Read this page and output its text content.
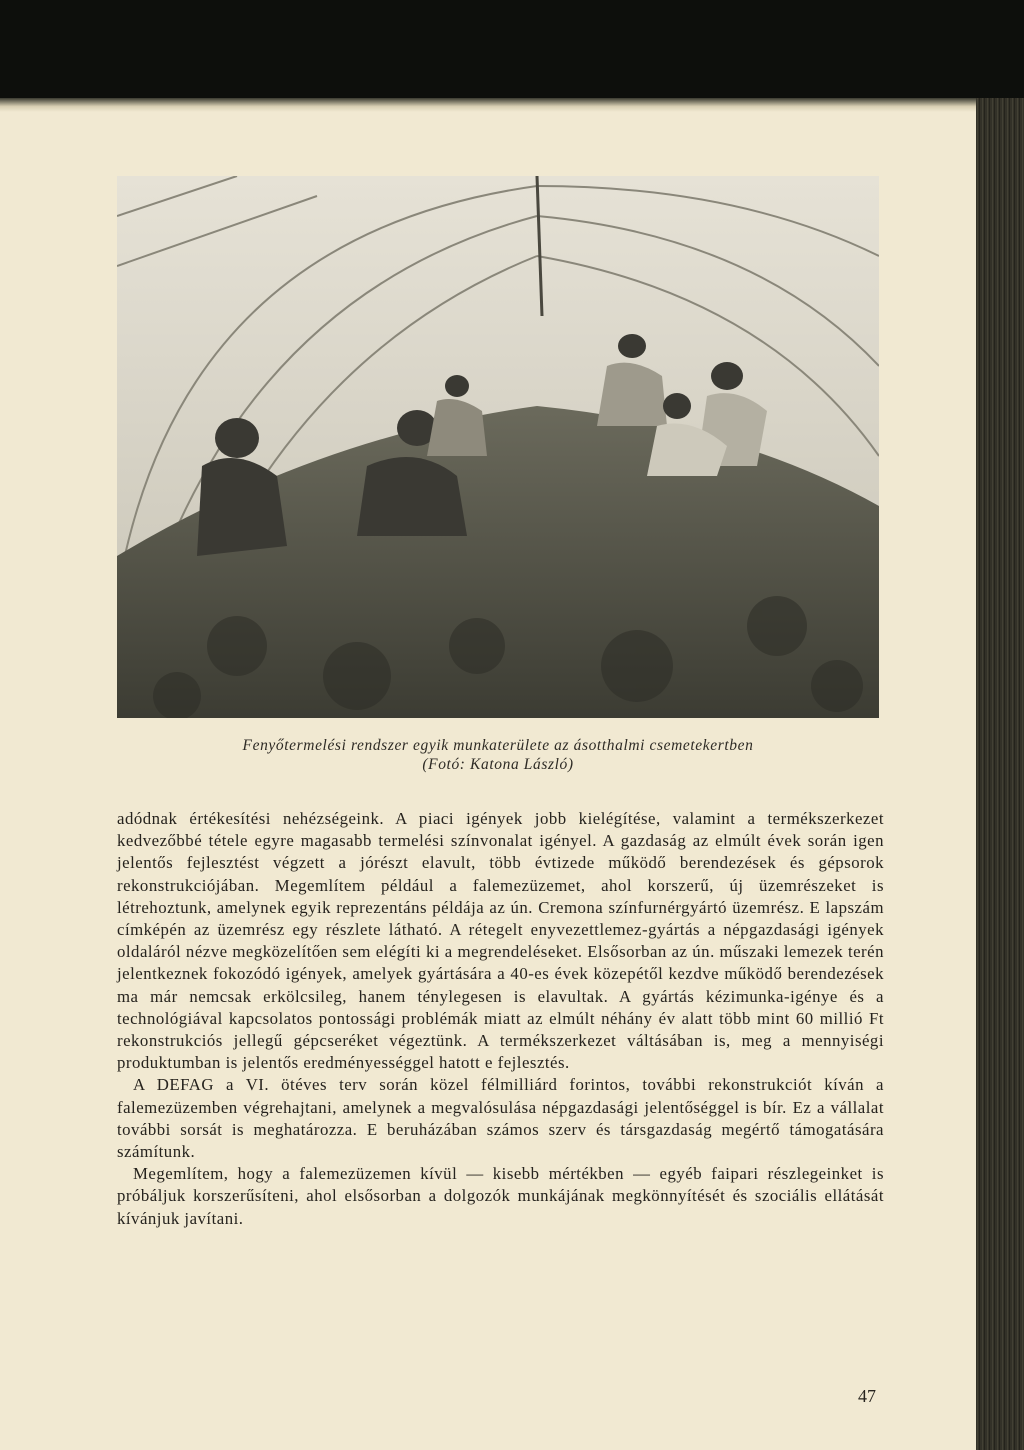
Fenyőtermelési rendszer egyik munkaterülete az ásotthalmi csemetekertben
(Fotó: Katona László)

adódnak értékesítési nehézségeink. A piaci igények jobb kielégítése, valamint a termékszerkezet kedvezőbbé tétele egyre magasabb termelési színvonalat igényel. A gazdaság az elmúlt évek során igen jelentős fejlesztést végzett a jórészt elavult, több évtizede működő berendezések és gépsorok rekonstrukciójában. Megemlítem például a falemezüzemet, ahol korszerű, új üzemrészeket is létrehoztunk, amelynek egyik reprezentáns példája az ún. Cremona színfurnérgyártó üzemrész. E lapszám címképén az üzemrész egy részlete látható. A rétegelt enyvezettlemez-gyártás a népgazdasági igények oldaláról nézve megközelítően sem elégíti ki a megrendeléseket. Elsősorban az ún. műszaki lemezek terén jelentkeznek fokozódó igények, amelyek gyártására a 40-es évek közepétől kezdve működő berendezések ma már nemcsak erkölcsileg, hanem ténylegesen is elavultak. A gyártás kézimunka-igénye és a technológiával kapcsolatos pontossági problémák miatt az elmúlt néhány év alatt több mint 60 millió Ft rekonstrukciós jellegű gépcseréket végeztünk. A termékszerkezet váltásában is, meg a mennyiségi produktumban is jelentős eredményességgel hatott e fejlesztés.

A DEFAG a VI. ötéves terv során közel félmilliárd forintos, további rekonstrukciót kíván a falemezüzemben végrehajtani, amelynek a megvalósulása népgazdasági jelentőséggel is bír. Ez a vállalat további sorsát is meghatározza. E beruházában számos szerv és társgazdaság megértő támogatására számítunk.

Megemlítem, hogy a falemezüzemen kívül — kisebb mértékben — egyéb faipari részlegeinket is próbáljuk korszerűsíteni, ahol elsősorban a dolgozók munkájának megkönnyítését és szociális ellátását kívánjuk javítani.

47
